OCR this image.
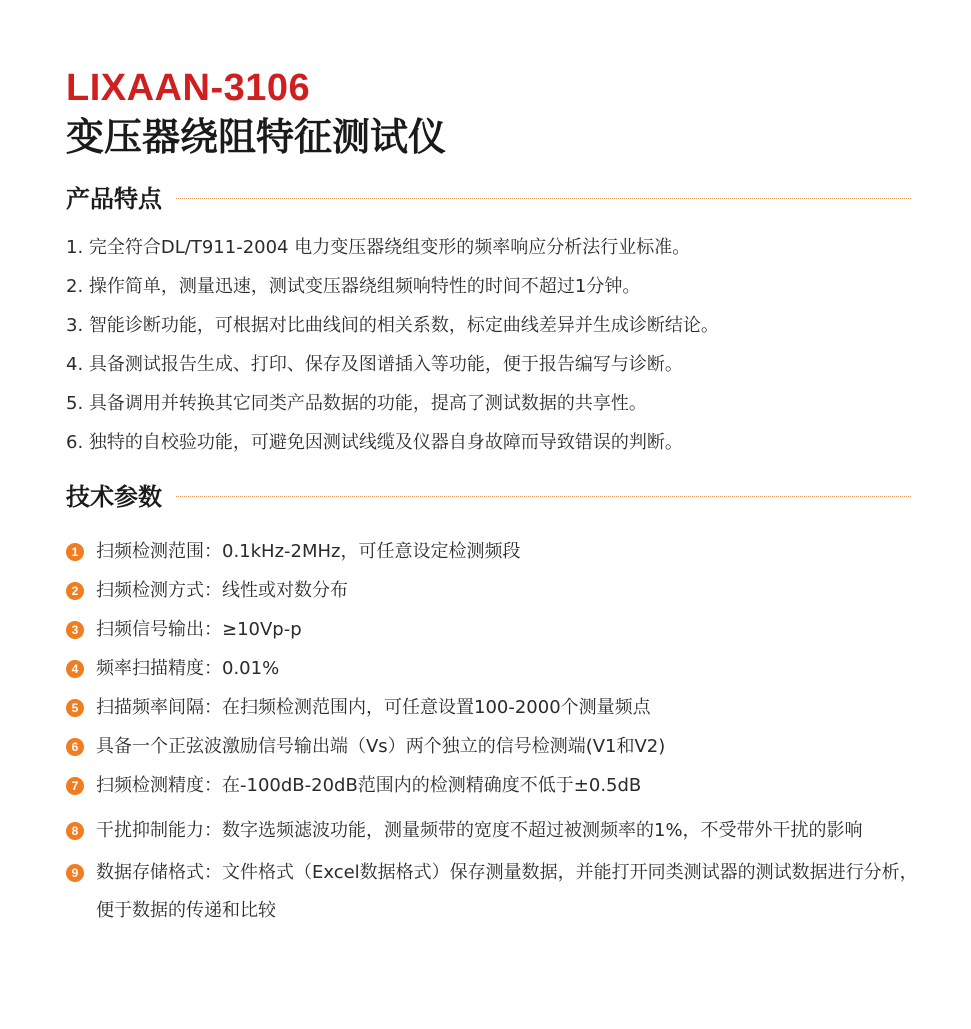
LIXAAN-3106
变压器绕阻特征测试仪
产品特点
1. 完全符合DL/T911-2004 电力变压器绕组变形的频率响应分析法行业标准。
2. 操作简单，测量迅速，测试变压器绕组频响特性的时间不超过1分钟。
3. 智能诊断功能，可根据对比曲线间的相关系数，标定曲线差异并生成诊断结论。
4. 具备测试报告生成、打印、保存及图谱插入等功能，便于报告编写与诊断。
5. 具备调用并转换其它同类产品数据的功能，提高了测试数据的共享性。
6. 独特的自校验功能，可避免因测试线缆及仪器自身故障而导致错误的判断。
技术参数
1 扫频检测范围：0.1kHz-2MHz，可任意设定检测频段
2 扫频检测方式：线性或对数分布
3 扫频信号输出：≥10Vp-p
4 频率扫描精度：0.01%
5 扫描频率间隔：在扫频检测范围内，可任意设置100-2000个测量频点
6 具备一个正弦波激励信号输出端（Vs）两个独立的信号检测端(V1和V2)
7 扫频检测精度：在-100dB-20dB范围内的检测精确度不低于±0.5dB
8 干扰抑制能力：数字选频滤波功能，测量频带的宽度不超过被测频率的1%，不受带外干扰的影响
9 数据存储格式：文件格式（Excel数据格式）保存测量数据，并能打开同类测试器的测试数据进行分析，便于数据的传递和比较
